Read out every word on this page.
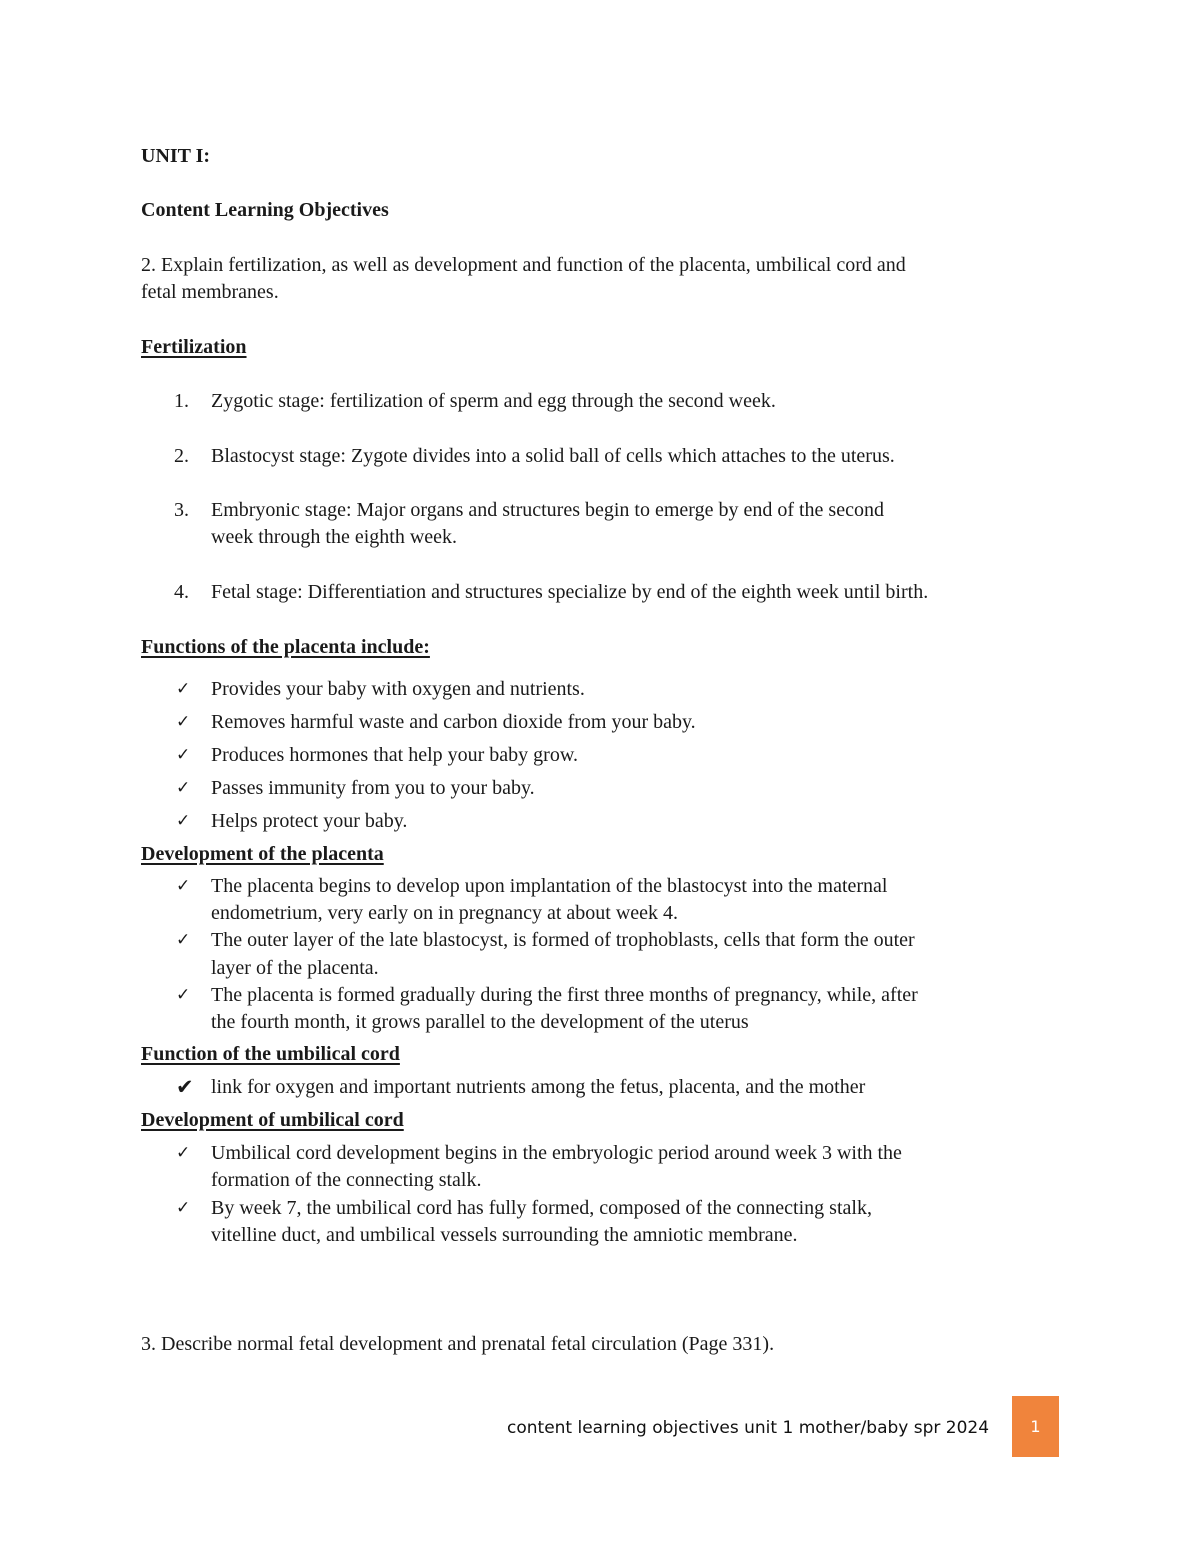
UNIT I:
Content Learning Objectives
2. Explain fertilization, as well as development and function of the placenta, umbilical cord and
fetal membranes.
Fertilization
1. Zygotic stage: fertilization of sperm and egg through the second week.
2. Blastocyst stage: Zygote divides into a solid ball of cells which attaches to the uterus.
3. Embryonic stage: Major organs and structures begin to emerge by end of the second
week through the eighth week.
4. Fetal stage: Differentiation and structures specialize by end of the eighth week until birth.
Functions of the placenta include:
✓ Provides your baby with oxygen and nutrients.
✓ Removes harmful waste and carbon dioxide from your baby.
✓ Produces hormones that help your baby grow.
✓ Passes immunity from you to your baby.
✓ Helps protect your baby.
Development of the placenta
✓ The placenta begins to develop upon implantation of the blastocyst into the maternal
endometrium, very early on in pregnancy at about week 4.
✓ The outer layer of the late blastocyst, is formed of trophoblasts, cells that form the outer
layer of the placenta.
✓ The placenta is formed gradually during the first three months of pregnancy, while, after
the fourth month, it grows parallel to the development of the uterus
Function of the umbilical cord
✔ link for oxygen and important nutrients among the fetus, placenta, and the mother
Development of umbilical cord
✓ Umbilical cord development begins in the embryologic period around week 3 with the
formation of the connecting stalk.
✓ By week 7, the umbilical cord has fully formed, composed of the connecting stalk,
vitelline duct, and umbilical vessels surrounding the amniotic membrane.
3. Describe normal fetal development and prenatal fetal circulation (Page 331).
content learning objectives unit 1 mother/baby spr 2024	1
